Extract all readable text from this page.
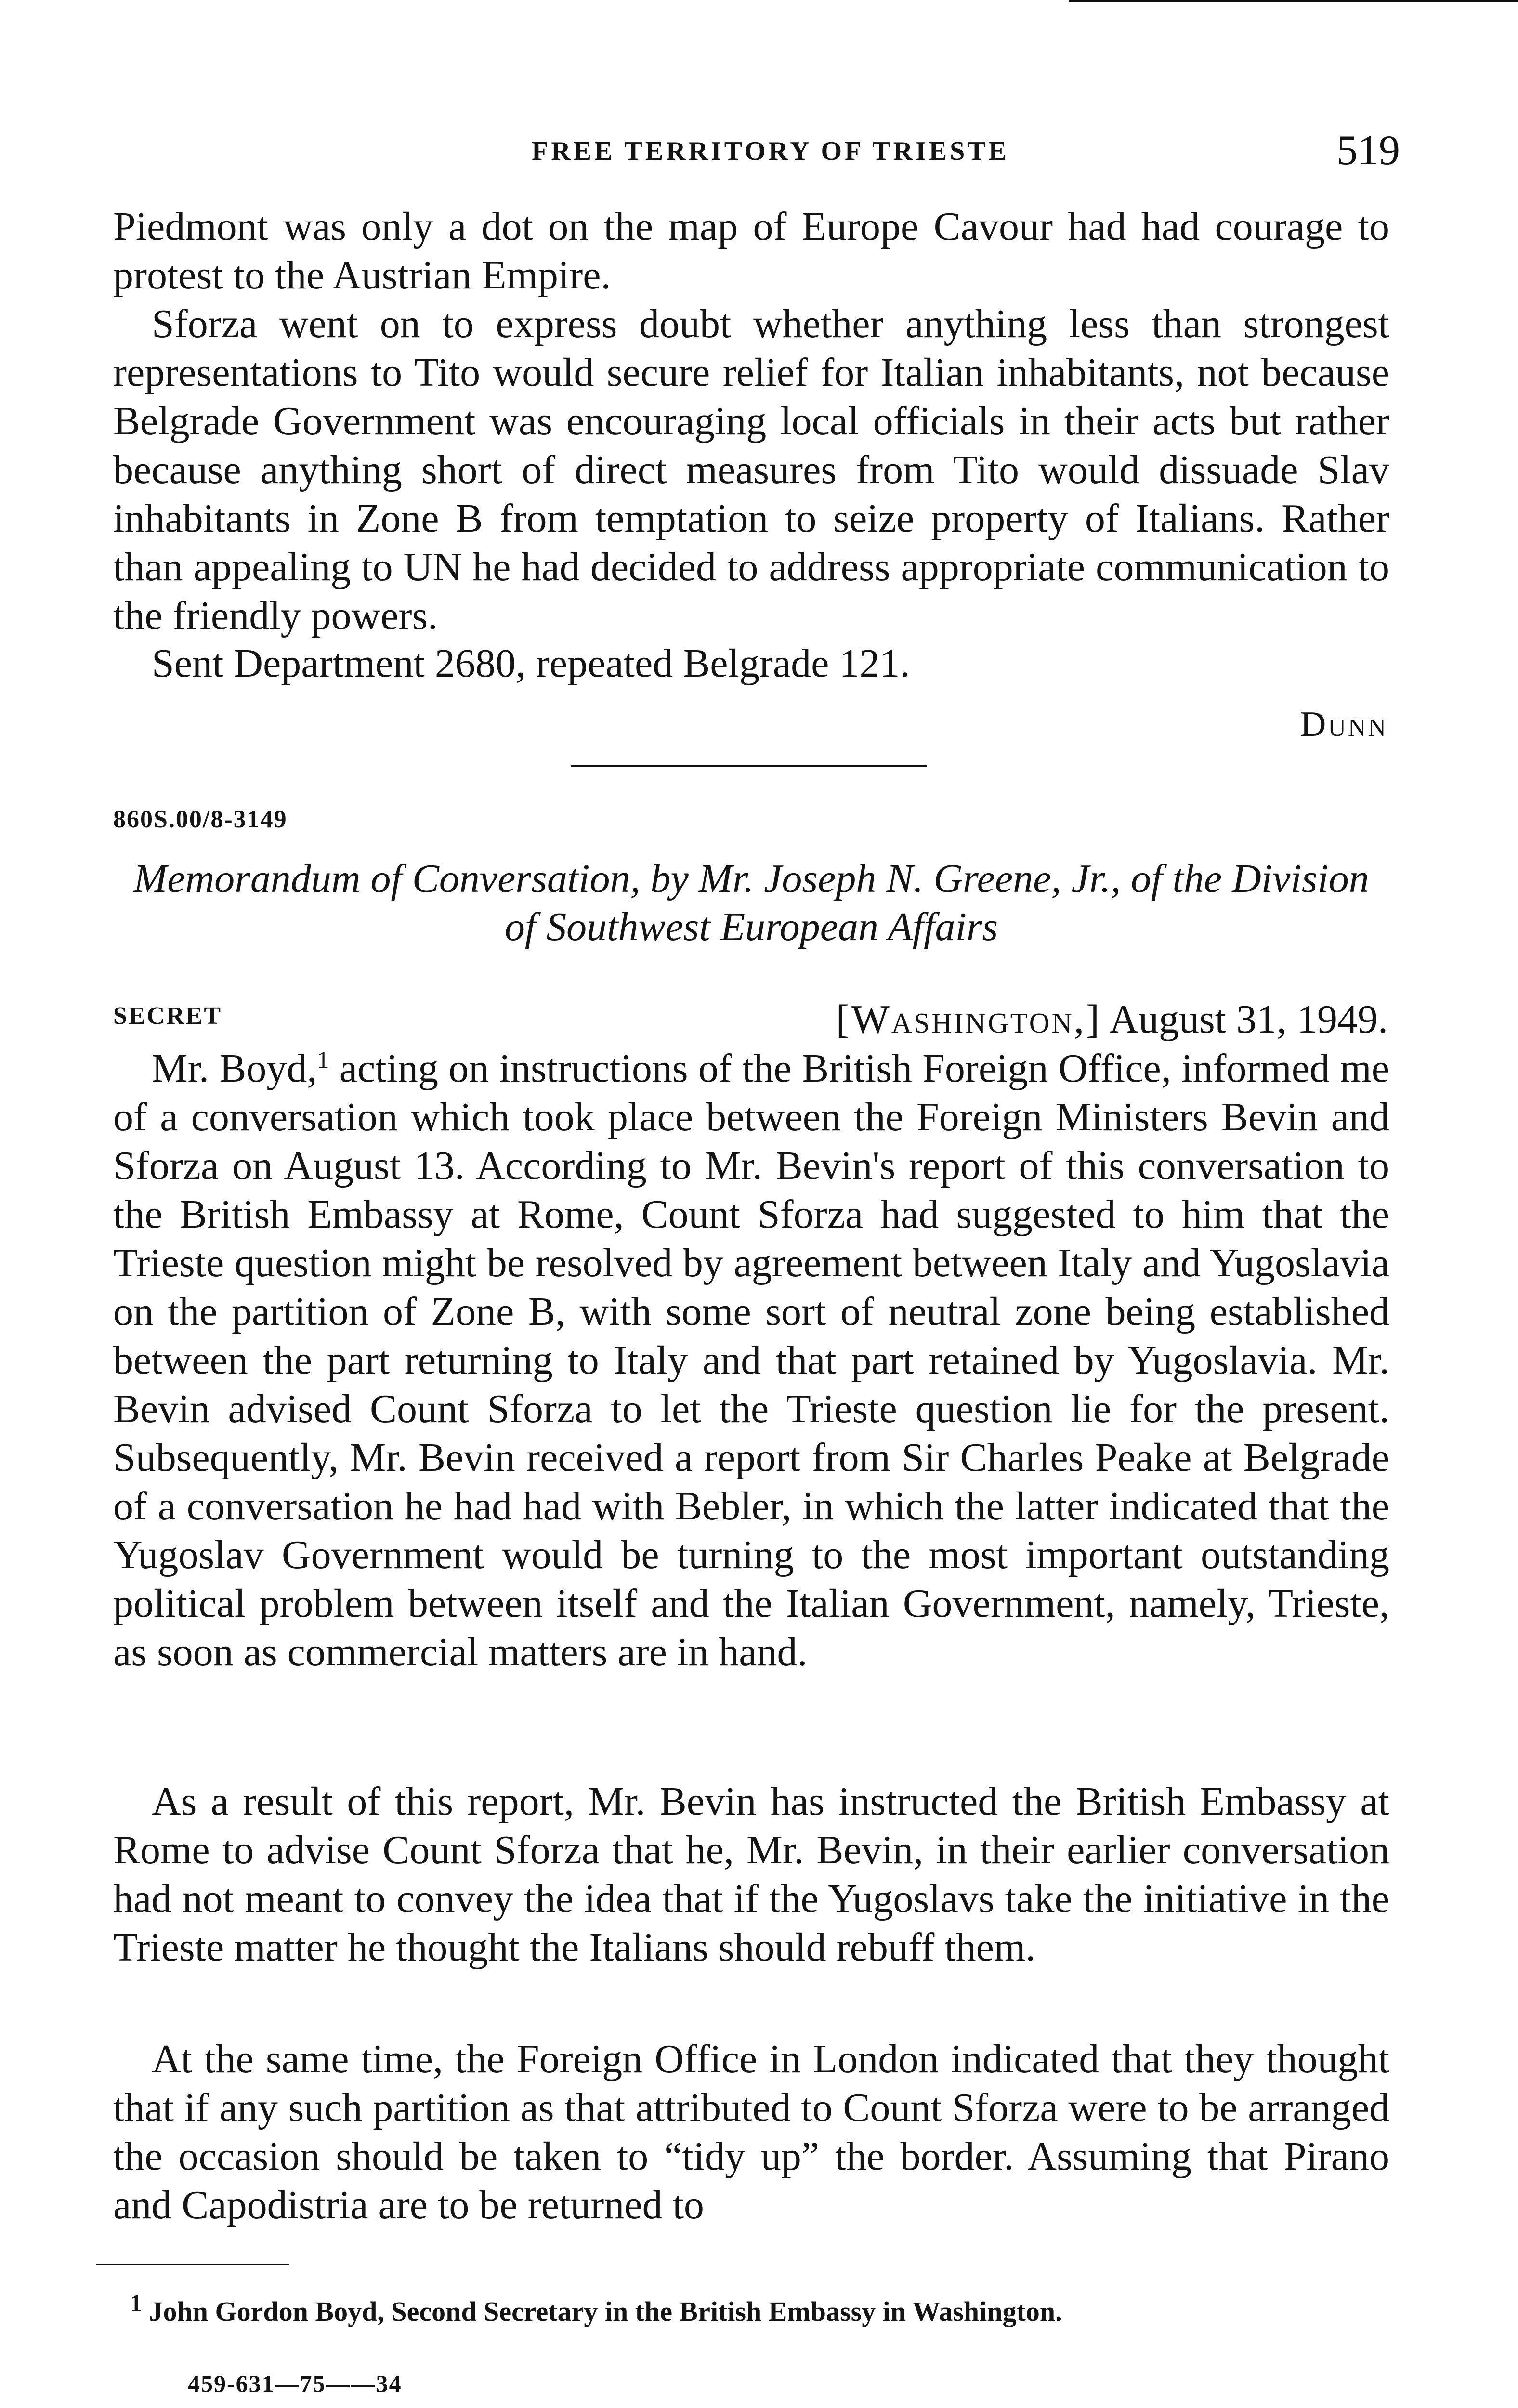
FREE TERRITORY OF TRIESTE	519

Piedmont was only a dot on the map of Europe Cavour had had courage to protest to the Austrian Empire.

Sforza went on to express doubt whether anything less than strongest representations to Tito would secure relief for Italian inhabitants, not because Belgrade Government was encouraging local officials in their acts but rather because anything short of direct measures from Tito would dissuade Slav inhabitants in Zone B from temptation to seize property of Italians. Rather than appealing to UN he had decided to address appropriate communication to the friendly powers.

Sent Department 2680, repeated Belgrade 121.

Dunn
860S.00/8-3149

Memorandum of Conversation, by Mr. Joseph N. Greene, Jr., of the Division of Southwest European Affairs

SECRET	[Washington,] August 31, 1949.

Mr. Boyd,$^1$ acting on instructions of the British Foreign Office, informed me of a conversation which took place between the Foreign Ministers Bevin and Sforza on August 13. According to Mr. Bevin's report of this conversation to the British Embassy at Rome, Count Sforza had suggested to him that the Trieste question might be resolved by agreement between Italy and Yugoslavia on the partition of Zone B, with some sort of neutral zone being established between the part returning to Italy and that part retained by Yugoslavia. Mr. Bevin advised Count Sforza to let the Trieste question lie for the present. Subsequently, Mr. Bevin received a report from Sir Charles Peake at Belgrade of a conversation he had had with Bebler, in which the latter indicated that the Yugoslav Government would be turning to the most important outstanding political problem between itself and the Italian Government, namely, Trieste, as soon as commercial matters are in hand.

As a result of this report, Mr. Bevin has instructed the British Embassy at Rome to advise Count Sforza that he, Mr. Bevin, in their earlier conversation had not meant to convey the idea that if the Yugoslavs take the initiative in the Trieste matter he thought the Italians should rebuff them.

At the same time, the Foreign Office in London indicated that they thought that if any such partition as that attributed to Count Sforza were to be arranged the occasion should be taken to “tidy up” the border. Assuming that Pirano and Capodistria are to be returned to

$^1$ John Gordon Boyd, Second Secretary in the British Embassy in Washington.

459-631—75——34
